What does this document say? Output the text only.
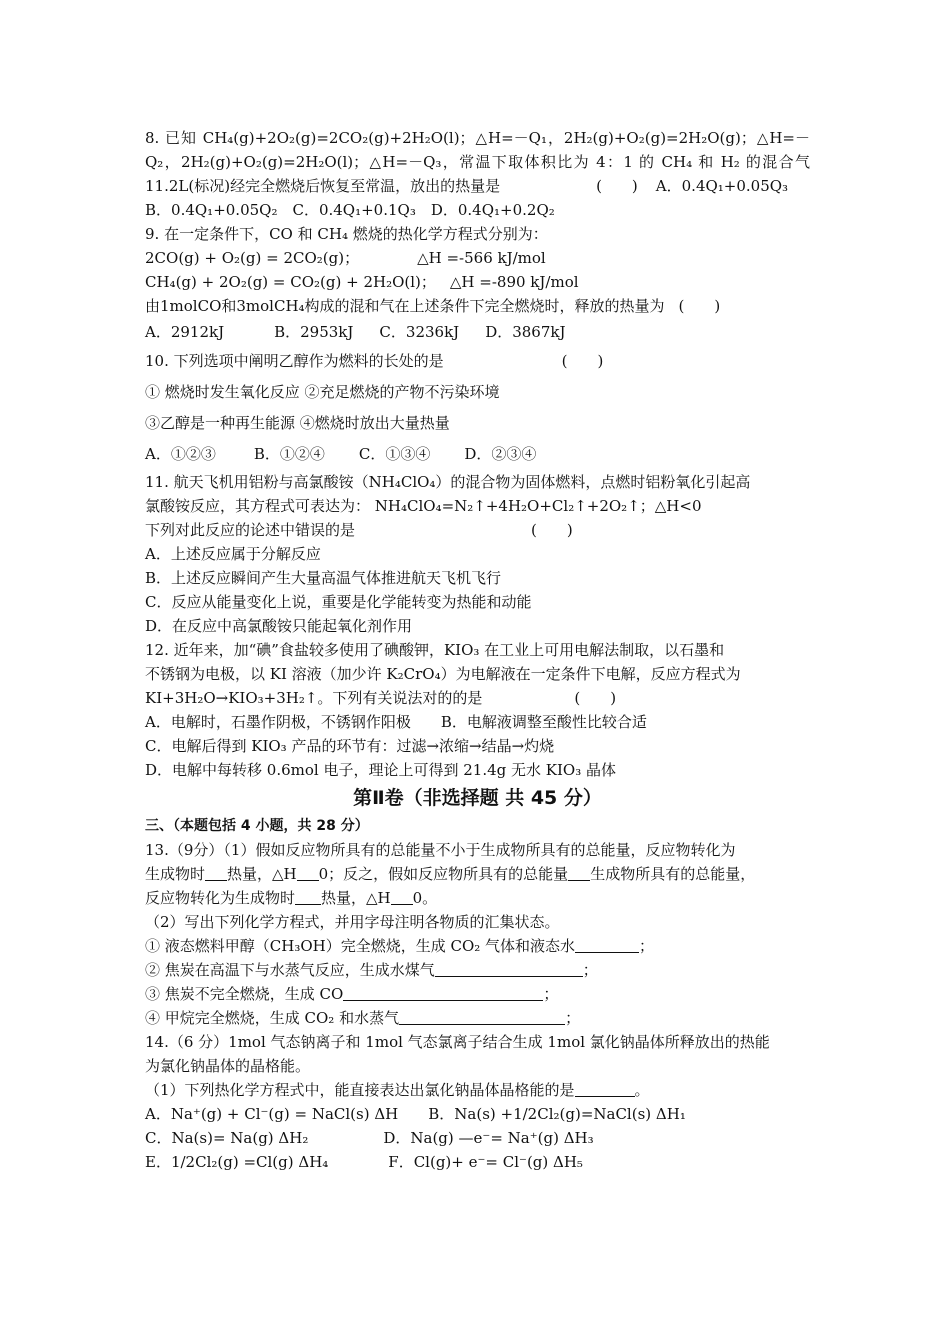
8. 已知 CH₄(g)+2O₂(g)=2CO₂(g)+2H₂O(l)；△H=－Q₁，2H₂(g)+O₂(g)=2H₂O(g)；△H=－
Q₂，2H₂(g)+O₂(g)=2H₂O(l)；△H=－Q₃，常温下取体积比为 4：1 的 CH₄ 和 H₂ 的混合气
11.2L(标况)经完全燃烧后恢复至常温，放出的热量是	(　　) A．0.4Q₁+0.05Q₃
B．0.4Q₁+0.05Q₂　C．0.4Q₁+0.1Q₃　D．0.4Q₁+0.2Q₂
9. 在一定条件下，CO 和 CH₄ 燃烧的热化学方程式分别为：
2CO(g) + O₂(g) = 2CO₂(g)；	△H =-566 kJ/mol
CH₄(g) + 2O₂(g) = CO₂(g) + 2H₂O(l)； △H =-890 kJ/mol
由1molCO和3molCH₄构成的混和气在上述条件下完全燃烧时，释放的热量为 (　　)
A．2912kJ	B．2953kJ C．3236kJ D．3867kJ
10. 下列选项中阐明乙醇作为燃料的长处的是	(　　)
① 燃烧时发生氧化反应 ②充足燃烧的产物不污染环境
③乙醇是一种再生能源 ④燃烧时放出大量热量
A．①②③	B．①②④ C．①③④ D．②③④
11. 航天飞机用铝粉与高氯酸铵（NH₄ClO₄）的混合物为固体燃料，点燃时铝粉氧化引起高
氯酸铵反应，其方程式可表达为： NH₄ClO₄=N₂↑+4H₂O+Cl₂↑+2O₂↑；△H<0
下列对此反应的论述中错误的是	(　　)
A．上述反应属于分解反应
B．上述反应瞬间产生大量高温气体推进航天飞机飞行
C．反应从能量变化上说，重要是化学能转变为热能和动能
D．在反应中高氯酸铵只能起氧化剂作用
12. 近年来，加“碘”食盐较多使用了碘酸钾，KIO₃ 在工业上可用电解法制取，以石墨和
不锈钢为电极，以 KI 溶液（加少许 K₂CrO₄）为电解液在一定条件下电解，反应方程式为
KI+3H₂O→KIO₃+3H₂↑。下列有关说法对的的是	(　　)
A．电解时，石墨作阴极，不锈钢作阳极　　B．电解液调整至酸性比较合适
C．电解后得到 KIO₃ 产品的环节有：过滤→浓缩→结晶→灼烧
D．电解中每转移 0.6mol 电子，理论上可得到 21.4g 无水 KIO₃ 晶体
第Ⅱ卷（非选择题 共 45 分）
三、（本题包括 4 小题，共 28 分）
13.（9分）（1）假如反应物所具有的总能量不小于生成物所具有的总能量，反应物转化为
生成物时 热量，△H 0；反之，假如反应物所具有的总能量 生成物所具有的总能量，
反应物转化为生成物时 热量，△H 0。
（2）写出下列化学方程式，并用字母注明各物质的汇集状态。
① 液态燃料甲醇（CH₃OH）完全燃烧，生成 CO₂ 气体和液态水	；
② 焦炭在高温下与水蒸气反应，生成水煤气	；
③ 焦炭不完全燃烧，生成 CO	；
④ 甲烷完全燃烧，生成 CO₂ 和水蒸气	；
14.（6 分）1mol 气态钠离子和 1mol 气态氯离子结合生成 1mol 氯化钠晶体所释放出的热能
为氯化钠晶体的晶格能。
（1）下列热化学方程式中，能直接表达出氯化钠晶体晶格能的是	。
A．Na⁺(g) + Cl⁻(g) = NaCl(s) ΔH　　B．Na(s) +1/2Cl₂(g)=NaCl(s) ΔH₁
C．Na(s)= Na(g) ΔH₂　　　　　D．Na(g) —e⁻= Na⁺(g) ΔH₃
E．1/2Cl₂(g) =Cl(g) ΔH₄　　　　F．Cl(g)+ e⁻= Cl⁻(g) ΔH₅
